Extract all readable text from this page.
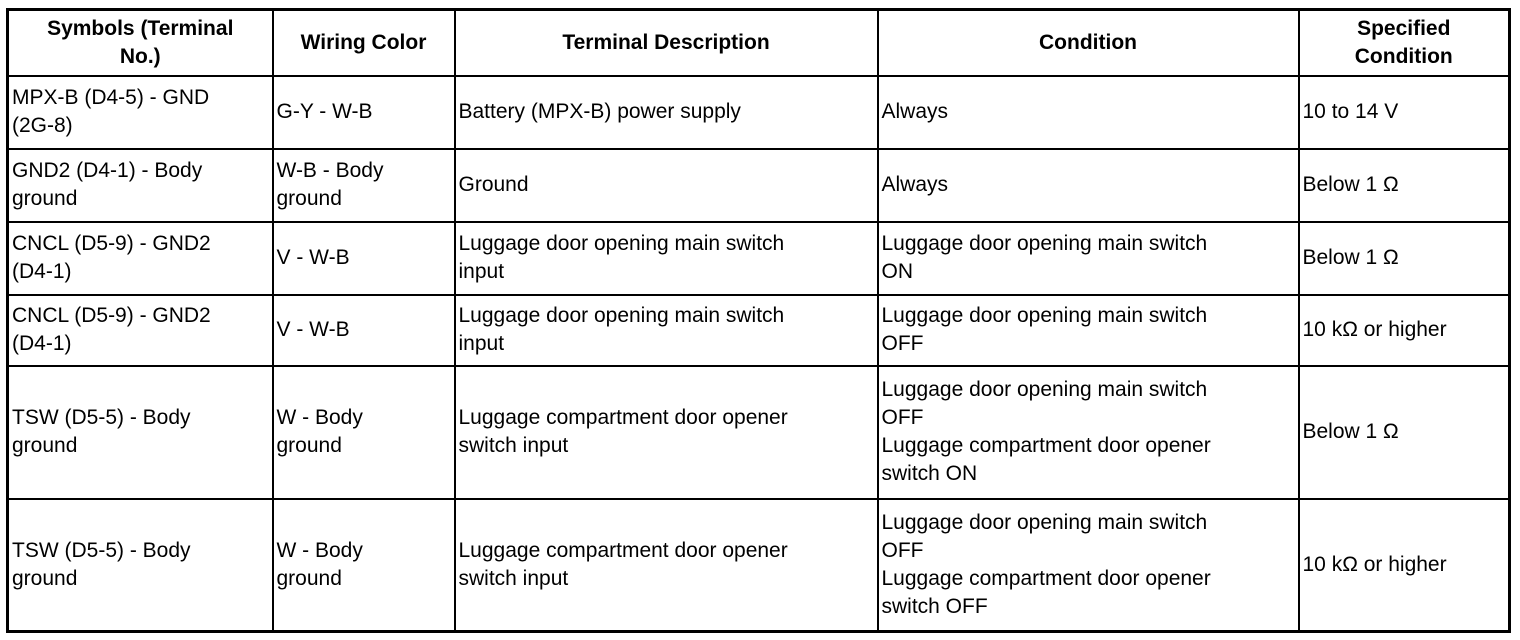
Symbols (Terminal
No.)	Wiring Color	Terminal Description	Condition	Specified
Condition
MPX-B (D4-5) - GND
(2G-8)	G-Y - W-B	Battery (MPX-B) power supply	Always	10 to 14 V
GND2 (D4-1) - Body
ground	W-B - Body
ground	Ground	Always	Below 1 Ω
CNCL (D5-9) - GND2
(D4-1)	V - W-B	Luggage door opening main switch
input	Luggage door opening main switch
ON	Below 1 Ω
CNCL (D5-9) - GND2
(D4-1)	V - W-B	Luggage door opening main switch
input	Luggage door opening main switch
OFF	10 kΩ or higher
TSW (D5-5) - Body
ground	W - Body
ground	Luggage compartment door opener
switch input	Luggage door opening main switch
OFF
Luggage compartment door opener
switch ON	Below 1 Ω
TSW (D5-5) - Body
ground	W - Body
ground	Luggage compartment door opener
switch input	Luggage door opening main switch
OFF
Luggage compartment door opener
switch OFF	10 kΩ or higher
